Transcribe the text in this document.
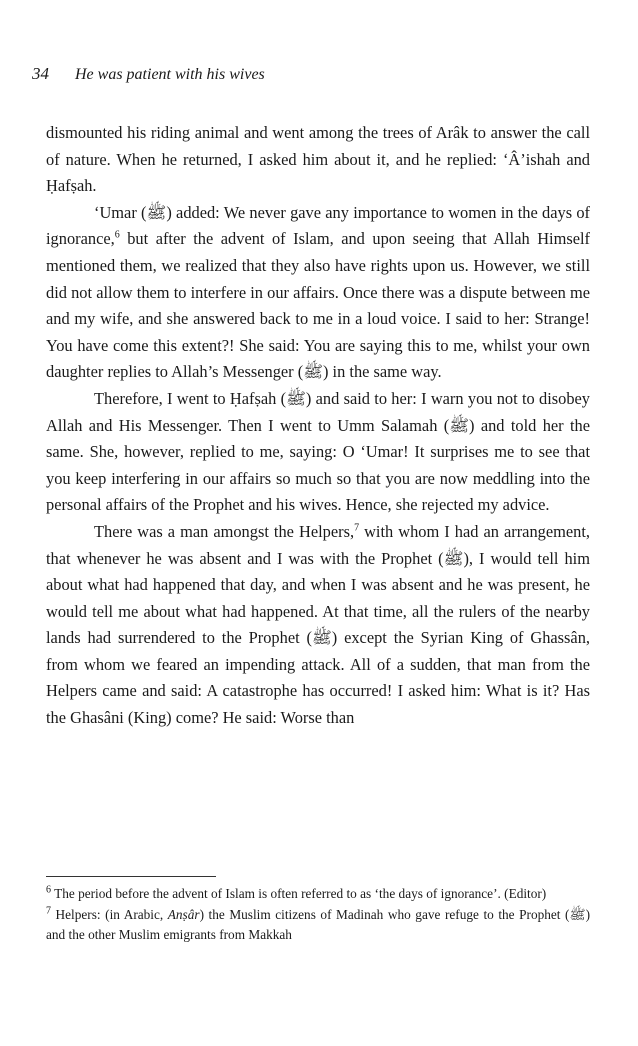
34 He was patient with his wives

dismounted his riding animal and went among the trees of Arâk to answer the call of nature. When he returned, I asked him about it, and he replied: ‘Â’ishah and Ḥafṣah.

‘Umar (ﷺ) added: We never gave any importance to women in the days of ignorance,$^6$ but after the advent of Islam, and upon seeing that Allah Himself mentioned them, we realized that they also have rights upon us. However, we still did not allow them to interfere in our affairs. Once there was a dispute between me and my wife, and she answered back to me in a loud voice. I said to her: Strange! You have come this extent?! She said: You are saying this to me, whilst your own daughter replies to Allah’s Messenger (ﷺ) in the same way.

Therefore, I went to Ḥafṣah (ﷺ) and said to her: I warn you not to disobey Allah and His Messenger. Then I went to Umm Salamah (ﷺ) and told her the same. She, however, replied to me, saying: O ‘Umar! It surprises me to see that you keep interfering in our affairs so much so that you are now meddling into the personal affairs of the Prophet and his wives. Hence, she rejected my advice.

There was a man amongst the Helpers,$^7$ with whom I had an arrangement, that whenever he was absent and I was with the Prophet (ﷺ), I would tell him about what had happened that day, and when I was absent and he was present, he would tell me about what had happened. At that time, all the rulers of the nearby lands had surrendered to the Prophet (ﷺ) except the Syrian King of Ghassân, from whom we feared an impending attack. All of a sudden, that man from the Helpers came and said: A catastrophe has occurred! I asked him: What is it? Has the Ghasâni (King) come? He said: Worse than

$^6$ The period before the advent of Islam is often referred to as ‘the days of ignorance’. (Editor)

$^7$ Helpers: (in Arabic, Anṣâr) the Muslim citizens of Madinah who gave refuge to the Prophet (ﷺ) and the other Muslim emigrants from Makkah
